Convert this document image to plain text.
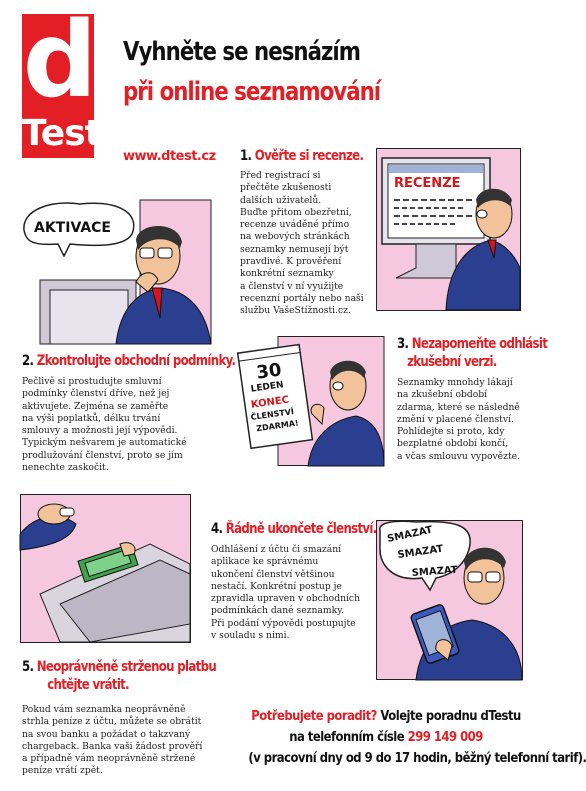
d
Test
Vyhněte se nesnázím
při online seznamování
www.dtest.cz 1. Ověřte si recenze.

Před registrací si

přečtěte zkušenosti

dalších uživatelů.

Buďte přitom obezřetní,

recenze uváděné přímo

na webových stránkách

seznamky nemusejí být

pravdivé. K prověření

konkrétní seznamky

a členství v ní využijte

recenzní portály nebo naši

službu VašeStížnosti.cz.

RECENZE
AKTIVACE
2. Zkontrolujte obchodní podmínky.

Pečlivě si prostudujte smluvní

podmínky členství dříve, než jej

aktivujete. Zejména se zaměřte

na výši poplatků, délku trvání

smlouvy a možnosti její výpovědi.

Typickým nešvarem je automatické

prodlužování členství, proto se jím

nenechte zaskočit.

30
LEDEN
KONEC
ČLENSTVÍ
ZDARMA!
3. Nezapomeňte odhlásit
zkušební verzi.

Seznamky mnohdy lákají

na zkušební období

zdarma, které se následně

změní v placené členství.

Pohlídejte si proto, kdy

bezplatné období končí,

a včas smlouvu vypovězte.

4. Řádně ukončete členství.

Odhlášení z účtu či smazání

aplikace ke správnému

ukončení členství většinou

nestačí. Konkrétní postup je

zpravidla upraven v obchodních

podmínkách dané seznamky.

Při podání výpovědi postupujte

v souladu s nimi.

SMAZAT
SMAZAT
SMAZAT
5. Neoprávněně strženou platbu
chtějte vrátit.

Pokud vám seznamka neoprávněně

strhla peníze z účtu, můžete se obrátit

na svou banku a požádat o takzvaný

chargeback. Banka vaši žádost prověří

a případně vám neoprávněně stržené

peníze vrátí zpět.

Potřebujete poradit? Volejte poradnu dTestu
na telefonním čísle 299 149 009
(v pracovní dny od 9 do 17 hodin, běžný telefonní tarif).
